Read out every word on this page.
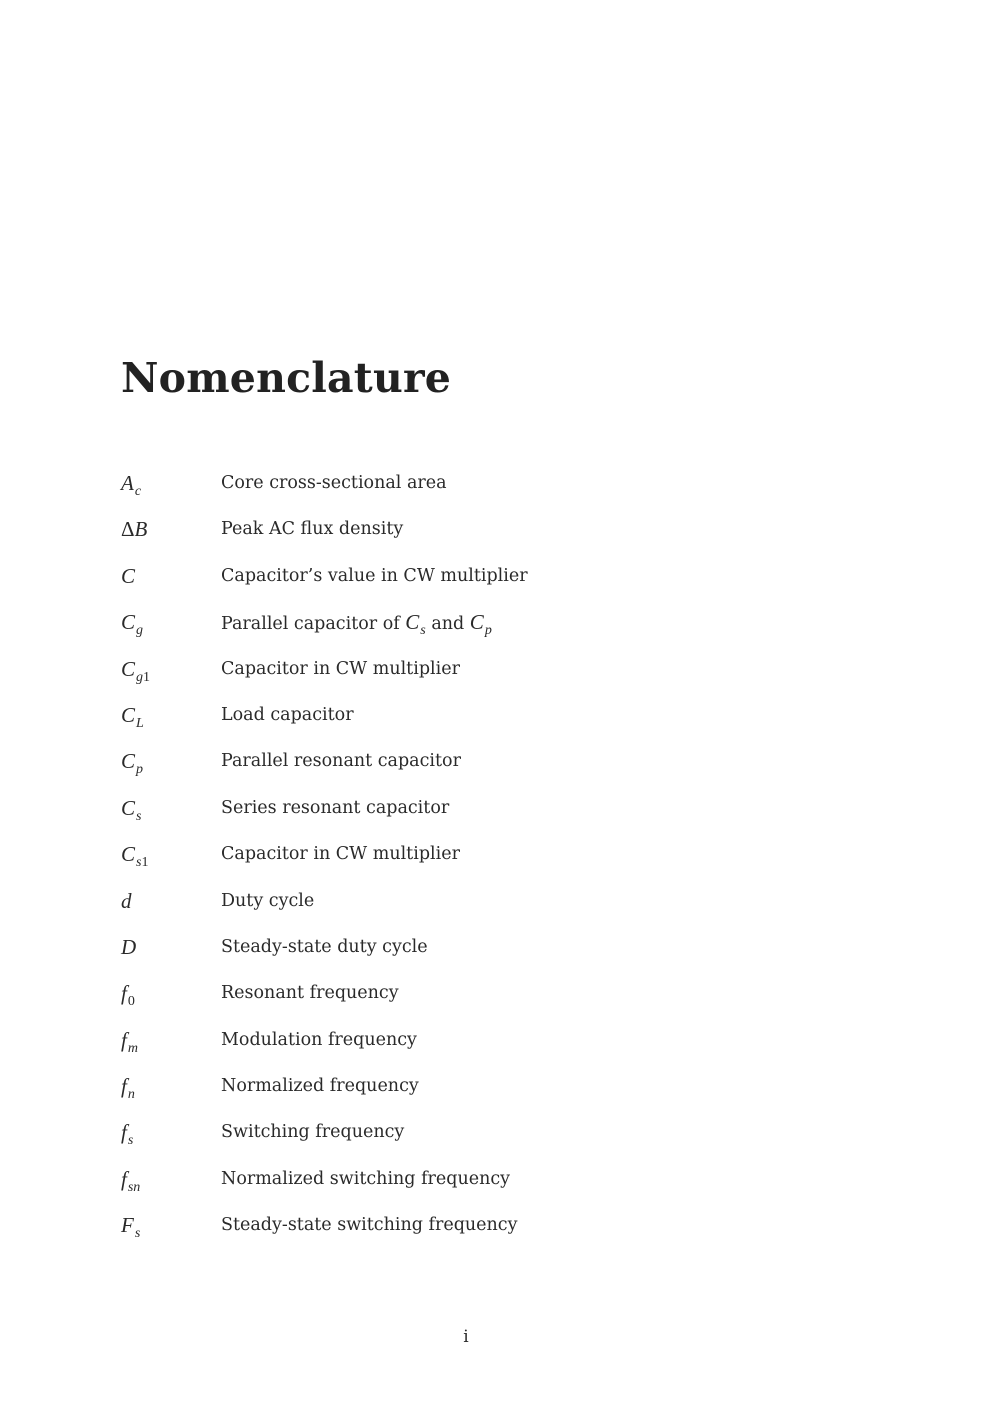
Nomenclature
$A_c$	Core cross-sectional area
ΔB	Peak AC flux density
C	Capacitor’s value in CW multiplier
$C_g$	Parallel capacitor of $C_s$ and $C_p$
$C_{g1}$	Capacitor in CW multiplier
$C_L$	Load capacitor
$C_p$	Parallel resonant capacitor
$C_s$	Series resonant capacitor
$C_{s1}$	Capacitor in CW multiplier
d	Duty cycle
D	Steady-state duty cycle
$f_0$	Resonant frequency
$f_m$	Modulation frequency
$f_n$	Normalized frequency
$f_s$	Switching frequency
$f_{sn}$	Normalized switching frequency
$F_s$	Steady-state switching frequency
i
